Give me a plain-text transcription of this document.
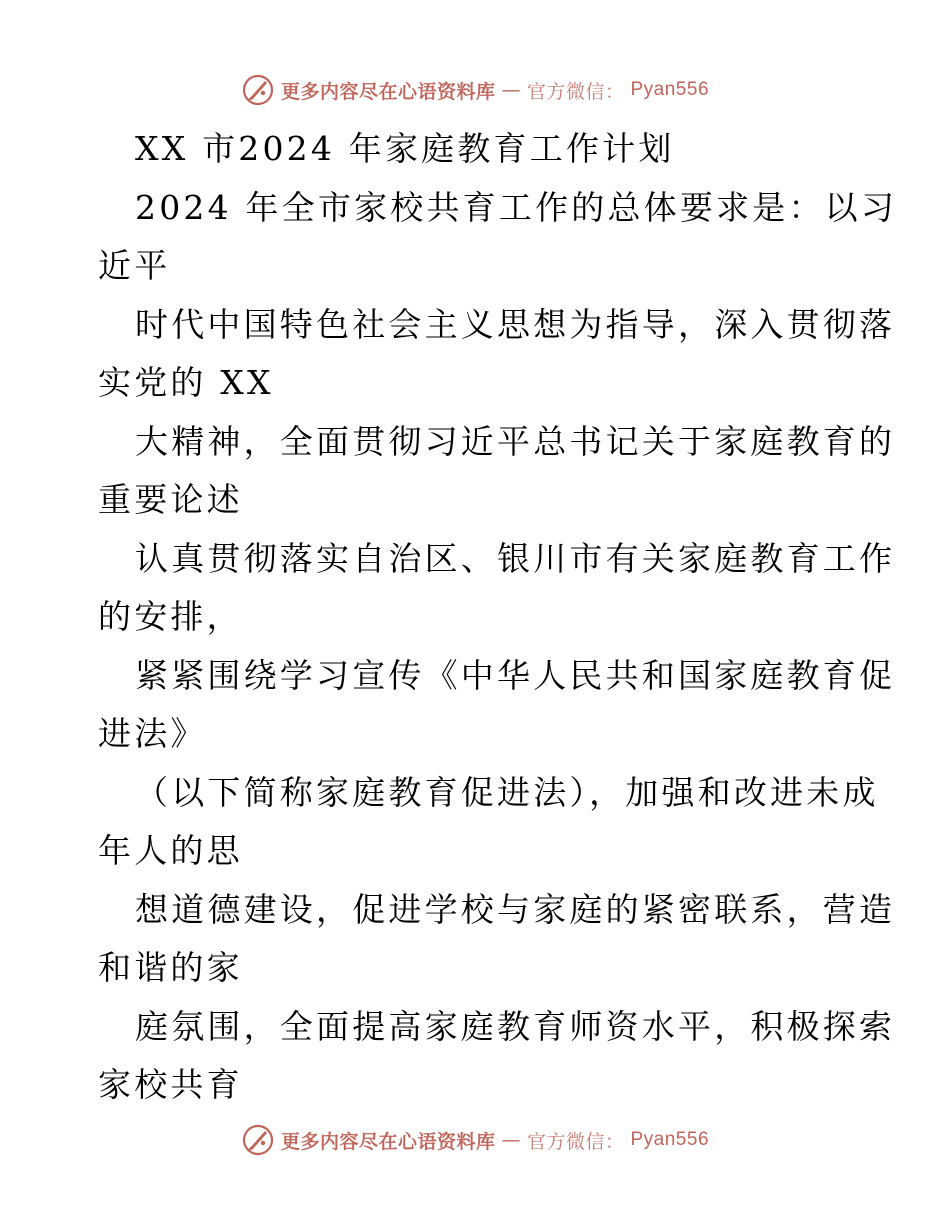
更多内容尽在心语资料库 — 官方微信： Pyan556
XX 市2024 年家庭教育工作计划
2024 年全市家校共育工作的总体要求是：以习
近平
时代中国特色社会主义思想为指导，深入贯彻落
实党的 XX
大精神，全面贯彻习近平总书记关于家庭教育的
重要论述
认真贯彻落实自治区、银川市有关家庭教育工作
的安排，
紧紧围绕学习宣传《中华人民共和国家庭教育促
进法》
（以下简称家庭教育促进法），加强和改进未成
年人的思
想道德建设，促进学校与家庭的紧密联系，营造
和谐的家
庭氛围，全面提高家庭教育师资水平，积极探索
家校共育
更多内容尽在心语资料库 — 官方微信： Pyan556
